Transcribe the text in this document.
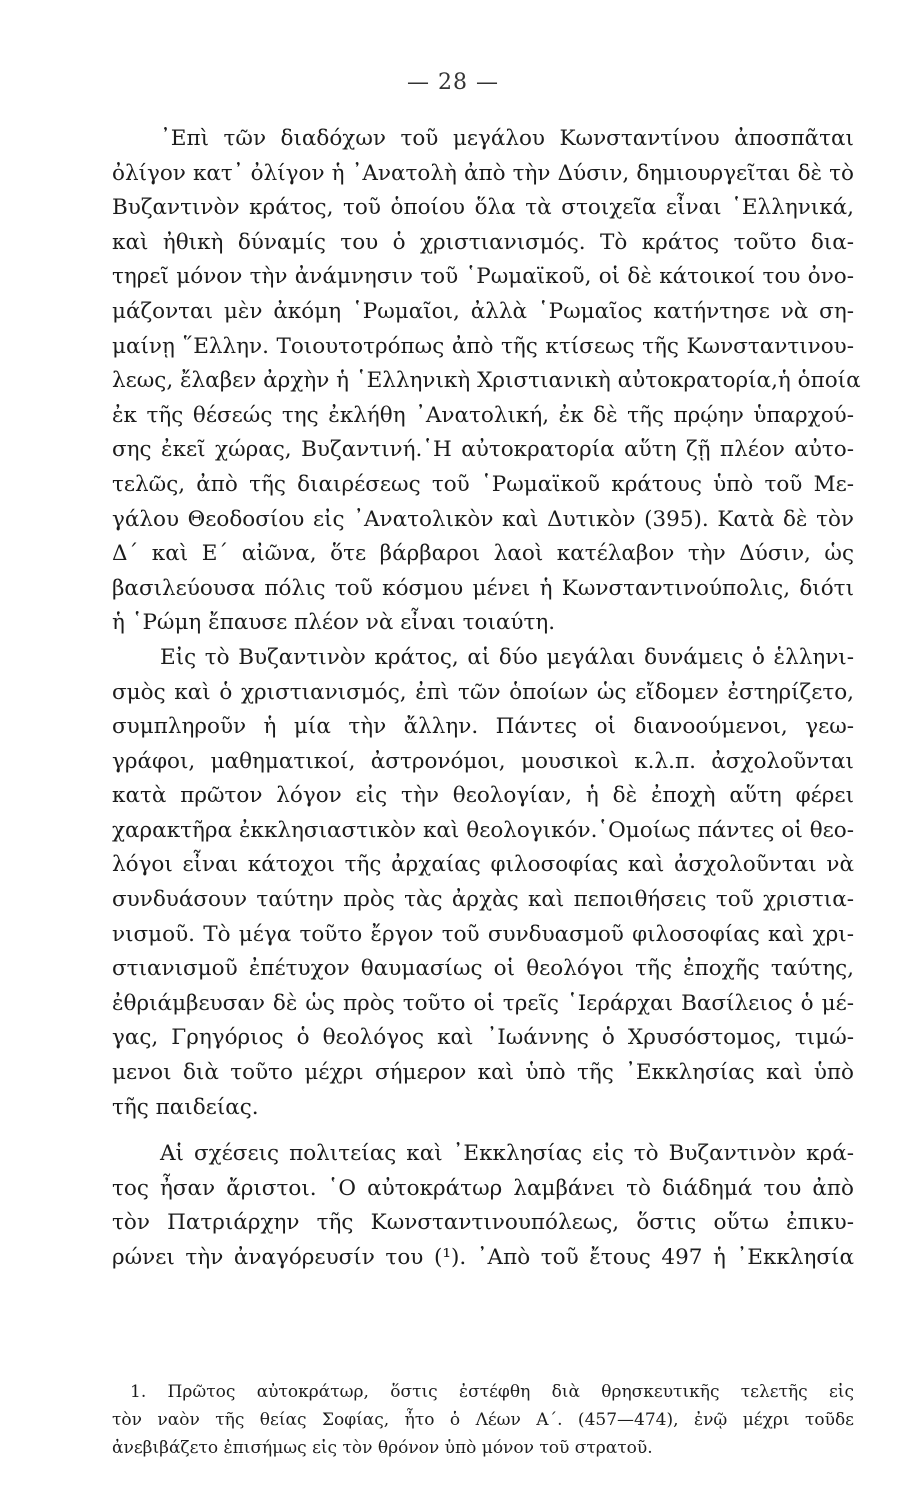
— 28 —
᾿Επὶ τῶν διαδόχων τοῦ μεγάλου Κωνσταντίνου ἀποσπᾶται
ὀλίγον κατ᾿ ὀλίγον ἡ ᾿Ανατολὴ ἀπὸ τὴν Δύσιν, δημιουργεῖται δὲ τὸ
Βυζαντινὸν κράτος, τοῦ ὁποίου ὅλα τὰ στοιχεῖα εἶναι ῾Ελληνικά,
καὶ ἠθικὴ δύναμίς του ὁ χριστιανισμός. Τὸ κράτος τοῦτο δια-
τηρεῖ μόνον τὴν ἀνάμνησιν τοῦ ῾Ρωμαϊκοῦ, οἱ δὲ κάτοικοί του ὀνο-
μάζονται μὲν ἀκόμη ῾Ρωμαῖοι, ἀλλὰ ῾Ρωμαῖος κατήντησε νὰ ση-
μαίνῃ ῞Ελλην. Τοιουτοτρόπως ἀπὸ τῆς κτίσεως τῆς Κωνσταντινου-
λεως, ἔλαβεν ἀρχὴν ἡ ῾Ελληνικὴ Χριστιανικὴ αὐτοκρατορία,ἡ ὁποία
ἐκ τῆς θέσεώς της ἐκλήθη ᾿Ανατολική, ἐκ δὲ τῆς πρῴην ὑπαρχού-
σης ἐκεῖ χώρας, Βυζαντινή.῾Η αὐτοκρατορία αὕτη ζῇ πλέον αὐτο-
τελῶς, ἀπὸ τῆς διαιρέσεως τοῦ ῾Ρωμαϊκοῦ κράτους ὑπὸ τοῦ Με-
γάλου Θεοδοσίου εἰς ᾿Ανατολικὸν καὶ Δυτικὸν (395). Κατὰ δὲ τὸν
Δ´ καὶ Ε´ αἰῶνα, ὅτε βάρβαροι λαοὶ κατέλαβον τὴν Δύσιν, ὡς
βασιλεύουσα πόλις τοῦ κόσμου μένει ἡ Κωνσταντινούπολις, διότι
ἡ ῾Ρώμη ἔπαυσε πλέον νὰ εἶναι τοιαύτη.
Εἰς τὸ Βυζαντινὸν κράτος, αἱ δύο μεγάλαι δυνάμεις ὁ ἑλληνι-
σμὸς καὶ ὁ χριστιανισμός, ἐπὶ τῶν ὁποίων ὡς εἴδομεν ἐστηρίζετο,
συμπληροῦν ἡ μία τὴν ἄλλην. Πάντες οἱ διανοούμενοι, γεω-
γράφοι, μαθηματικοί, ἀστρονόμοι, μουσικοὶ κ.λ.π. ἀσχολοῦνται
κατὰ πρῶτον λόγον εἰς τὴν θεολογίαν, ἡ δὲ ἐποχὴ αὕτη φέρει
χαρακτῆρα ἐκκλησιαστικὸν καὶ θεολογικόν.῾Ομοίως πάντες οἱ θεο-
λόγοι εἶναι κάτοχοι τῆς ἀρχαίας φιλοσοφίας καὶ ἀσχολοῦνται νὰ
συνδυάσουν ταύτην πρὸς τὰς ἀρχὰς καὶ πεποιθήσεις τοῦ χριστια-
νισμοῦ. Τὸ μέγα τοῦτο ἔργον τοῦ συνδυασμοῦ φιλοσοφίας καὶ χρι-
στιανισμοῦ ἐπέτυχον θαυμασίως οἱ θεολόγοι τῆς ἐποχῆς ταύτης,
ἐθριάμβευσαν δὲ ὡς πρὸς τοῦτο οἱ τρεῖς ῾Ιεράρχαι Βασίλειος ὁ μέ-
γας, Γρηγόριος ὁ θεολόγος καὶ ᾿Ιωάννης ὁ Χρυσόστομος, τιμώ-
μενοι διὰ τοῦτο μέχρι σήμερον καὶ ὑπὸ τῆς ᾿Εκκλησίας καὶ ὑπὸ
τῆς παιδείας.
Αἱ σχέσεις πολιτείας καὶ ᾿Εκκλησίας εἰς τὸ Βυζαντινὸν κρά-
τος ἦσαν ἄριστοι. ῾Ο αὐτοκράτωρ λαμβάνει τὸ διάδημά του ἀπὸ
τὸν Πατριάρχην τῆς Κωνσταντινουπόλεως, ὅστις οὕτω ἐπικυ-
ρώνει τὴν ἀναγόρευσίν του (¹). ᾿Απὸ τοῦ ἔτους 497 ἡ ᾿Εκκλησία
1. Πρῶτος αὐτοκράτωρ, ὅστις ἐστέφθη διὰ θρησκευτικῆς τελετῆς εἰς
τὸν ναὸν τῆς θείας Σοφίας, ἦτο ὁ Λέων Α΄. (457—474), ἐνῷ μέχρι τοῦδε
ἀνεβιβάζετο ἐπισήμως εἰς τὸν θρόνον ὑπὸ μόνον τοῦ στρατοῦ.
